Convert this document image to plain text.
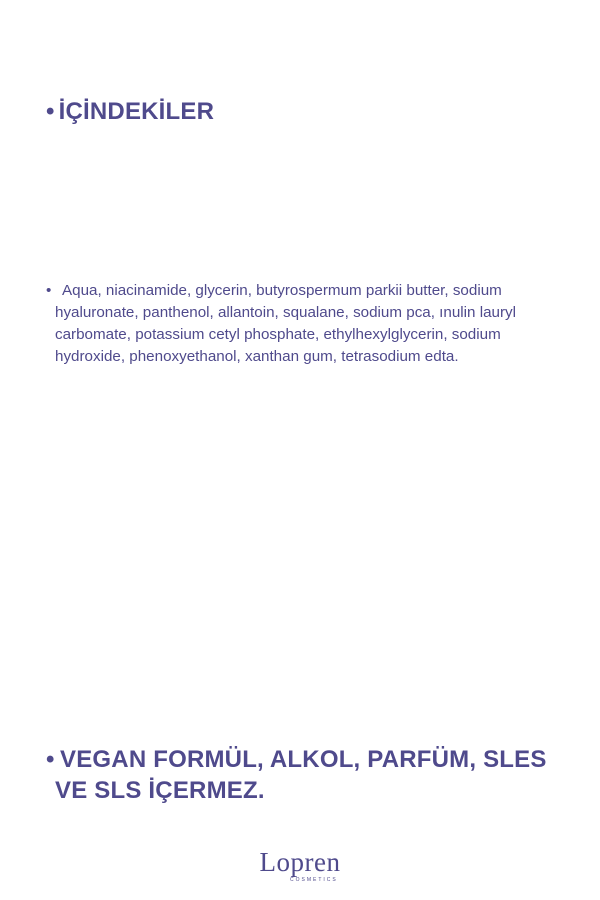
• İÇİNDEKİLER
• Aqua, niacinamide, glycerin, butyrospermum parkii butter, sodium hyaluronate, panthenol, allantoin, squalane, sodium pca, ınulin lauryl carbomate, potassium cetyl phosphate, ethylhexylglycerin, sodium hydroxide, phenoxyethanol, xanthan gum, tetrasodium edta.
• VEGAN FORMÜL, ALKOL, PARFÜM, SLES VE SLS İÇERMEZ.
Lopren
COSMETICS
